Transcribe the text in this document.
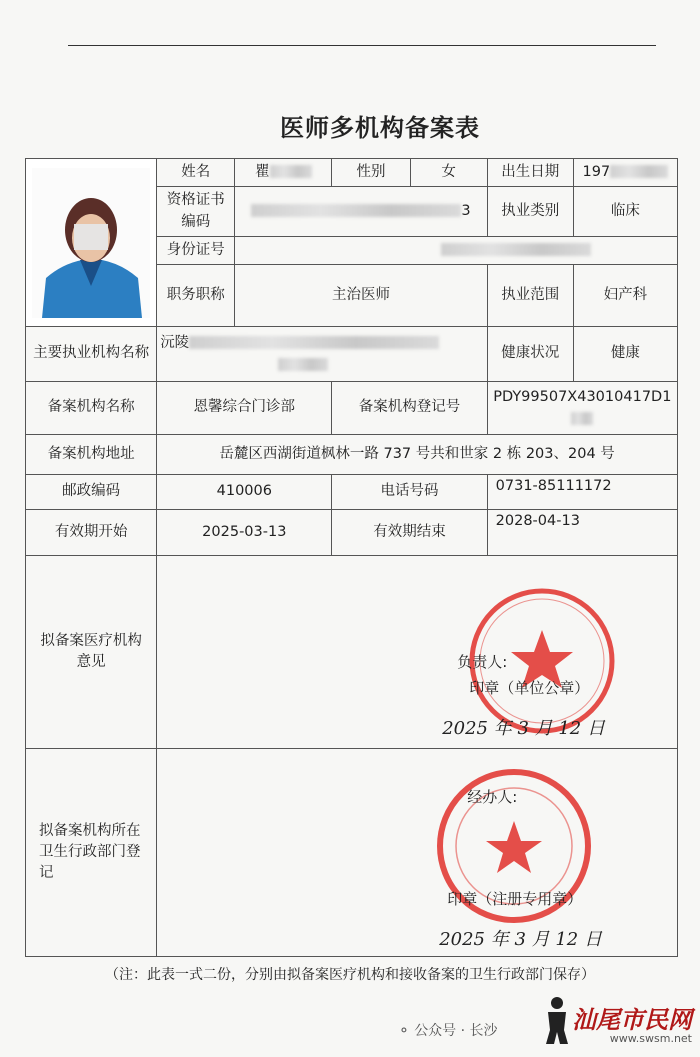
医师多机构备案表
	姓名	瞿	性别	女	出生日期	197
	资格证书编码	3			执业类别	临床
	身份证号					
	职务职称	主治医师			执业范围	妇产科
主要执业机构名称	沅陵				健康状况	健康
备案机构名称	恩馨综合门诊部		备案机构登记号		PDY99507X43010417D1	
备案机构地址	岳麓区西湖街道枫林一路 737 号共和世家 2 栋 203、204 号					
邮政编码	410006		电话号码		0731-85111172	
有效期开始	2025-03-13		有效期结束		2028-04-13	

拟备案医疗机构意见	负责人:
印章（单位公章）
2025 年 3 月 12 日					

拟备案机构所在卫生行政部门登记	经办人:
印章（注册专用章）
2025 年 3 月 12 日					
（注：此表一式二份，分别由拟备案医疗机构和接收备案的卫生行政部门保存）
⚬ 公众号 · 长沙	汕尾市民网
www.swsm.net
